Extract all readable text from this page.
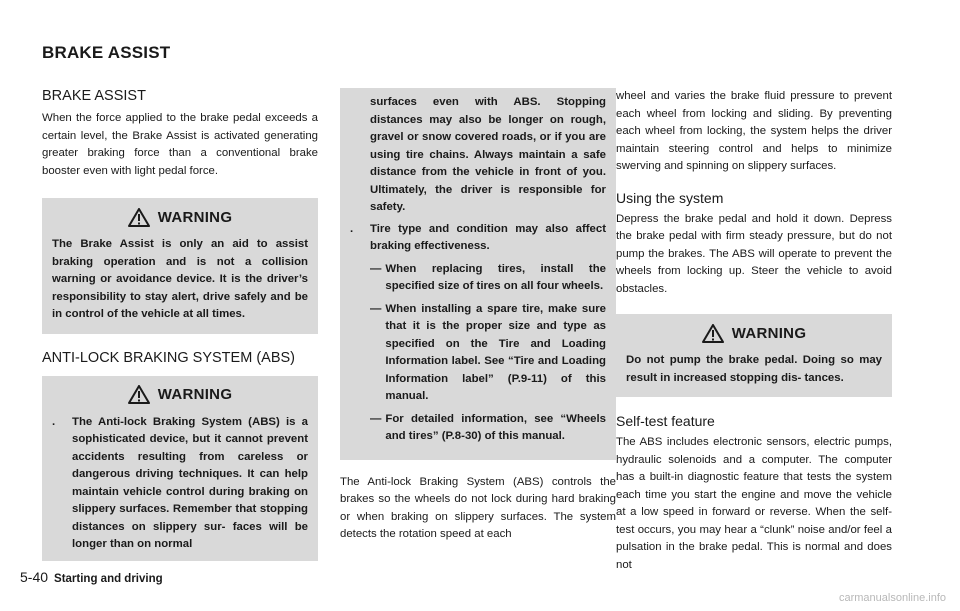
BRAKE ASSIST
BRAKE ASSIST
When the force applied to the brake pedal exceeds a certain level, the Brake Assist is activated generating greater braking force than a conventional brake booster even with light pedal force.
WARNING
The Brake Assist is only an aid to assist braking operation and is not a collision warning or avoidance device. It is the driver’s responsibility to stay alert, drive safely and be in control of the vehicle at all times.
ANTI-LOCK BRAKING SYSTEM (ABS)
WARNING
.	The Anti-lock Braking System (ABS) is a sophisticated device, but it cannot prevent accidents resulting from careless or dangerous driving techniques. It can help maintain vehicle control during braking on slippery surfaces. Remember that stopping distances on slippery sur- faces will be longer than on normal
surfaces even with ABS. Stopping distances may also be longer on rough, gravel or snow covered roads, or if you are using tire chains. Always maintain a safe distance from the vehicle in front of you. Ultimately, the driver is responsible for safety.
.	Tire type and condition may also affect braking effectiveness.
— When replacing tires, install the specified size of tires on all four wheels.
— When installing a spare tire, make sure that it is the proper size and type as specified on the Tire and Loading Information label. See “Tire and Loading Information label” (P.9-11) of this manual.
— For detailed information, see “Wheels and tires” (P.8-30) of this manual.
The Anti-lock Braking System (ABS) controls the brakes so the wheels do not lock during hard braking or when braking on slippery surfaces. The system detects the rotation speed at each
wheel and varies the brake fluid pressure to prevent each wheel from locking and sliding. By preventing each wheel from locking, the system helps the driver maintain steering control and helps to minimize swerving and spinning on slippery surfaces.
Using the system
Depress the brake pedal and hold it down. Depress the brake pedal with firm steady pressure, but do not pump the brakes. The ABS will operate to prevent the wheels from locking up. Steer the vehicle to avoid obstacles.
WARNING
Do not pump the brake pedal. Doing so may result in increased stopping dis- tances.
Self-test feature
The ABS includes electronic sensors, electric pumps, hydraulic solenoids and a computer. The computer has a built-in diagnostic feature that tests the system each time you start the engine and move the vehicle at a low speed in forward or reverse. When the self-test occurs, you may hear a “clunk” noise and/or feel a pulsation in the brake pedal. This is normal and does not
5-40 Starting and driving
carmanualsonline.info
